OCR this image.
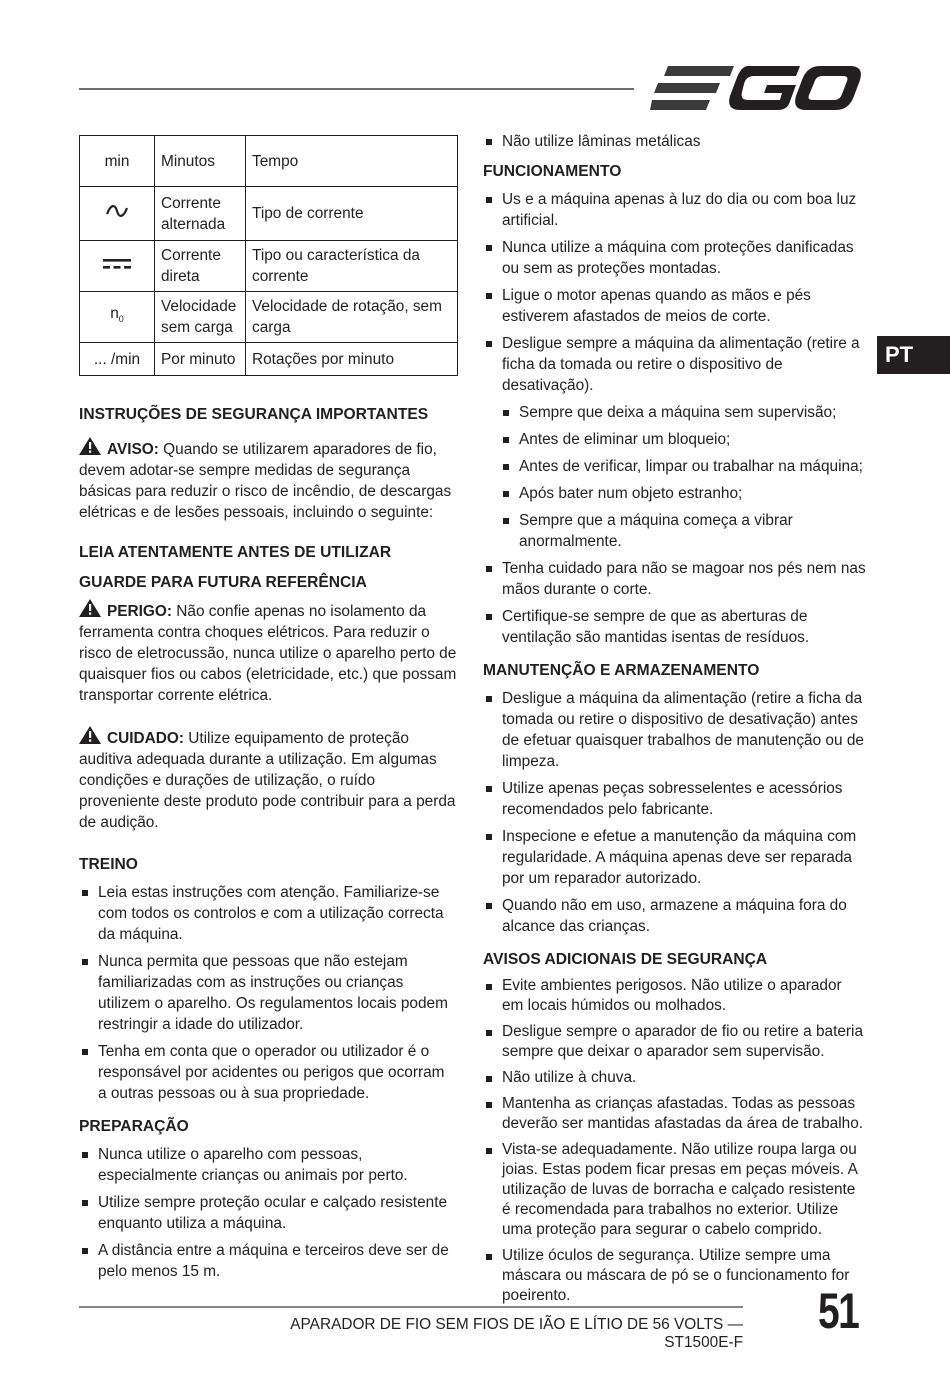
PT
min	Minutos	Tempo
	Corrente alternada	Tipo de corrente
	Corrente direta	Tipo ou característica da corrente
$n_0$	Velocidade sem carga	Velocidade de rotação, sem carga
... /min	Por minuto	Rotações por minuto
INSTRUÇÕES DE SEGURANÇA IMPORTANTES

AVISO: Quando se utilizarem aparadores de fio, devem adotar-se sempre medidas de segurança básicas para reduzir o risco de incêndio, de descargas elétricas e de lesões pessoais, incluindo o seguinte:

LEIA ATENTAMENTE ANTES DE UTILIZAR
GUARDE PARA FUTURA REFERÊNCIA

PERIGO: Não confie apenas no isolamento da ferramenta contra choques elétricos. Para reduzir o risco de eletrocussão, nunca utilize o aparelho perto de quaisquer fios ou cabos (eletricidade, etc.) que possam transportar corrente elétrica.

CUIDADO: Utilize equipamento de proteção auditiva adequada durante a utilização. Em algumas condições e durações de utilização, o ruído proveniente deste produto pode contribuir para a perda de audição.

TREINO
Leia estas instruções com atenção. Familiarize-se com todos os controlos e com a utilização correcta da máquina.
Nunca permita que pessoas que não estejam familiarizadas com as instruções ou crianças utilizem o aparelho. Os regulamentos locais podem restringir a idade do utilizador.
Tenha em conta que o operador ou utilizador é o responsável por acidentes ou perigos que ocorram a outras pessoas ou à sua propriedade.
PREPARAÇÃO
Nunca utilize o aparelho com pessoas, especialmente crianças ou animais por perto.
Utilize sempre proteção ocular e calçado resistente enquanto utiliza a máquina.
A distância entre a máquina e terceiros deve ser de pelo menos 15 m.
Não utilize lâminas metálicas
FUNCIONAMENTO
Us e a máquina apenas à luz do dia ou com boa luz artificial.
Nunca utilize a máquina com proteções danificadas ou sem as proteções montadas.
Ligue o motor apenas quando as mãos e pés estiverem afastados de meios de corte.
Desligue sempre a máquina da alimentação (retire a ficha da tomada ou retire o dispositivo de desativação).
Sempre que deixa a máquina sem supervisão;
Antes de eliminar um bloqueio;
Antes de verificar, limpar ou trabalhar na máquina;
Após bater num objeto estranho;
Sempre que a máquina começa a vibrar anormalmente.
Tenha cuidado para não se magoar nos pés nem nas mãos durante o corte.
Certifique-se sempre de que as aberturas de ventilação são mantidas isentas de resíduos.
MANUTENÇÃO E ARMAZENAMENTO
Desligue a máquina da alimentação (retire a ficha da tomada ou retire o dispositivo de desativação) antes de efetuar quaisquer trabalhos de manutenção ou de limpeza.
Utilize apenas peças sobresselentes e acessórios recomendados pelo fabricante.
Inspecione e efetue a manutenção da máquina com regularidade. A máquina apenas deve ser reparada por um reparador autorizado.
Quando não em uso, armazene a máquina fora do alcance das crianças.
AVISOS ADICIONAIS DE SEGURANÇA
Evite ambientes perigosos. Não utilize o aparador em locais húmidos ou molhados.
Desligue sempre o aparador de fio ou retire a bateria sempre que deixar o aparador sem supervisão.
Não utilize à chuva.
Mantenha as crianças afastadas. Todas as pessoas deverão ser mantidas afastadas da área de trabalho.
Vista-se adequadamente. Não utilize roupa larga ou joias. Estas podem ficar presas em peças móveis. A utilização de luvas de borracha e calçado resistente é recomendada para trabalhos no exterior. Utilize uma proteção para segurar o cabelo comprido.
Utilize óculos de segurança. Utilize sempre uma máscara ou máscara de pó se o funcionamento for poeirento.
APARADOR DE FIO SEM FIOS DE IÃO E LÍTIO DE 56 VOLTS — ST1500E-F
51
